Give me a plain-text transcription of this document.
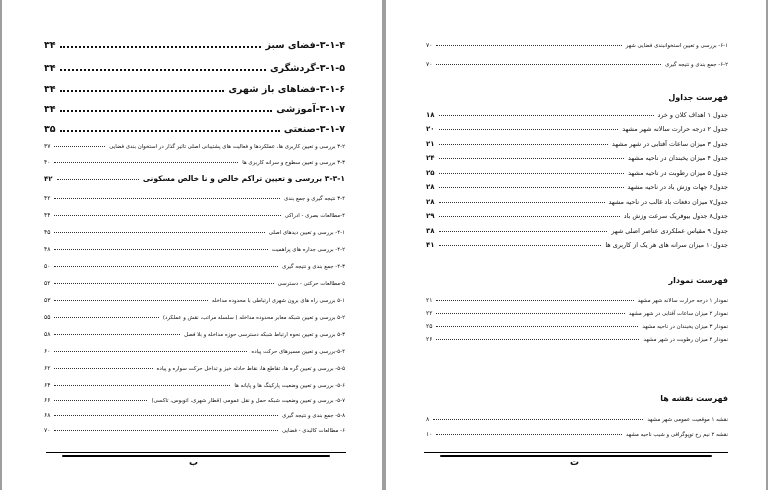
۳-۱-۴-فضای سبز
۳۴
۳-۱-۵-گردشگری
۳۴
۳-۱-۶-فضاهای باز شهری
۳۴
۳-۱-۷-آموزشی
۳۴
۳-۱-۷-صنعتی
۳۵
۳-۲ بررسی و تعیین کاربری ها، عملکردها و فعالیت های پشتیبانی اصلی تاثیر گذار در استخوان بندی فضایی
۳۷
۳-۳ بررسی و تعیین سطوح و سرانه کاربری ها
۴۰
۳-۳-۱ بررسی و تعیین تراکم خالص و نا خالص مسکونی
۴۲
۳-۴ نتیجه گیری و جمع بندی
۴۲
۴-مطالعات بصری - ادراکی
۴۴
۴-۱- بررسی و تعیین دیدهای اصلی
۴۵
۴-۲- بررسی جداره های پراهمیت
۴۸
۴-۳- جمع بندی و نتیجه گیری
۵۰
۵-مطالعات حرکتی - دسترسی
۵۲
۵-۱ بررسی راه های برون شهری ارتباطی با محدوده مداخله
۵۳
۵-۲ بررسی و تعیین شبکه معابر محدوده مداخله ( سلسله مراتب، نقش و عملکرد)
۵۵
۵-۳ بررسی و تعیین نحوه ارتباط شبکه دسترسی حوزه مداخله و بلا فصل
۵۸
۵-۴-بررسی و تعیین مسیرهای حرکت پیاده
۶۰
۵-۵- بررسی و تعیین گره ها، تقاطع ها، نقاط حادثه خیز و تداخل حرکت سواره و پیاده
۶۲
۵-۶- بررسی و تعیین وضعیت پارکینگ ها و پایانه ها
۶۴
۵-۷- بررسی و تعیین وضعیت شبکه حمل و نقل عمومی (قطار شهری، اتوبوس، تاکسی)
۶۶
۵-۸- جمع بندی و نتیجه گیری
۶۸
۶- مطالعات کالبدی - فضایی
۷۰
ب
۶-۱- بررسی و تعیین استخوانبندی فضایی شهر
۷۰
۶-۲- جمع بندی و نتیجه گیری
۷۰
فهرست جداول
جدول ۱ اهداف کلان و خرد
۱۸
جدول ۲ درجه حرارت سالانه شهر مشهد
۲۰
جدول ۳ میزان ساعات آفتابی در شهر مشهد
۲۱
جدول ۴ میزان یخبندان در ناحیه مشهد
۲۴
جدول ۵ میزان رطوبت در ناحیه مشهد
۲۵
جدول۶ جهات وزش باد در ناحیه مشهد
۲۸
جدول۷ میزان دفعات باد غالب در ناحیه مشهد
۲۸
جدول۸ جدول بیوفریک سرعت وزش باد
۲۹
جدول ۹ مقیاس عملکردی عناصر اصلی شهر
۳۸
جدول۱۰ میزان سرانه های هر یک از کاربری ها
۴۱
فهرست نمودار
نمودار ۱ درجه حرارت سالانه شهر مشهد
۲۱
نمودار ۲ میزان ساعات آفتابی در شهر مشهد
۲۲
نمودار ۳ میزان یخبندان در ناحیه مشهد
۲۵
نمودار ۴ میزان رطوبت در شهر مشهد
۲۶
فهرست نقشه ها
نقشه ۱ موقعیت عمومی شهر مشهد
۸
نقشه ۲ نیم رخ توپوگرافی و شیب ناحیه مشهد
۱۰
ت
